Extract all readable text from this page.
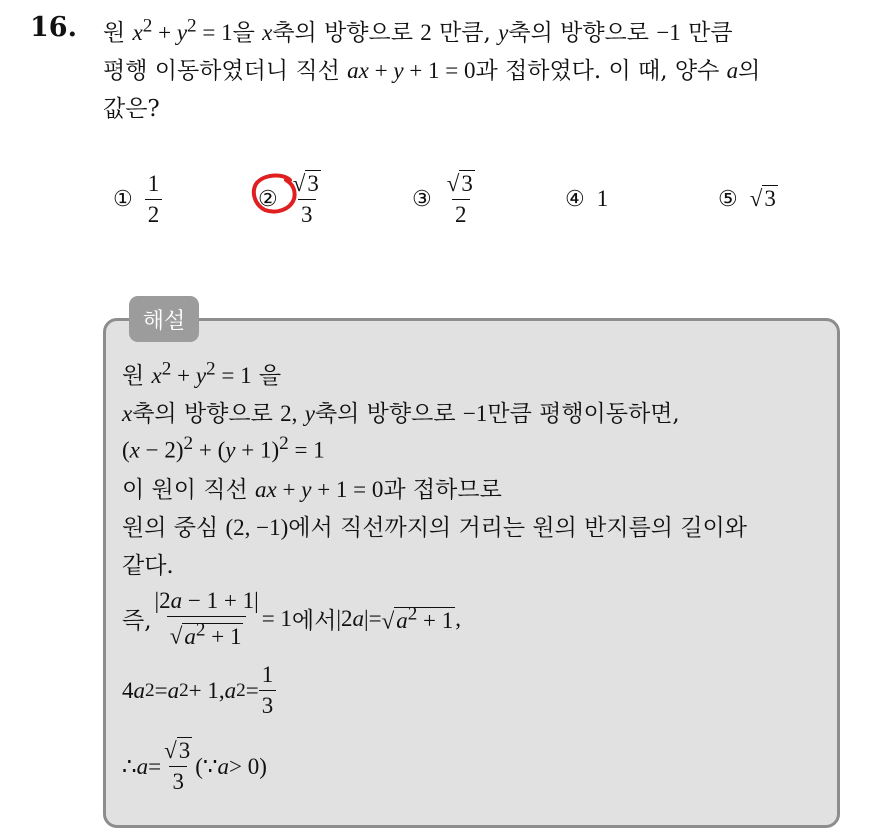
16. 원 $x^2 + y^2 = 1$을 x축의 방향으로 2 만큼, y축의 방향으로 −1 만큼
평행 이동하였더니 직선 ax + y + 1 = 0과 접하였다. 이 때, 양수 a의
값은?
① $\frac{1}{2}$	② $\frac{√3}{3}$	③ $\frac{√3}{2}$	④ 1	⑤ √3
해설
원 $x^2 + y^2 = 1$ 을
x축의 방향으로 2, y축의 방향으로 −1만큼 평행이동하면,
$(x - 2)^2 + (y + 1)^2 = 1$
이 원이 직선 ax + y + 1 = 0과 접하므로
원의 중심 (2, −1)에서 직선까지의 거리는 원의 반지름의 길이와
같다.
즉, $\frac{|2a - 1 + 1|}{√a^2 + 1} = 1$ 에서 |2 a | = $√a^2 + 1$ ,
4 a 2 = a 2 + 1, a $2 = \frac{1}{3}$
∴ $a = \frac{√3}{3}$ (∵ a > 0)
